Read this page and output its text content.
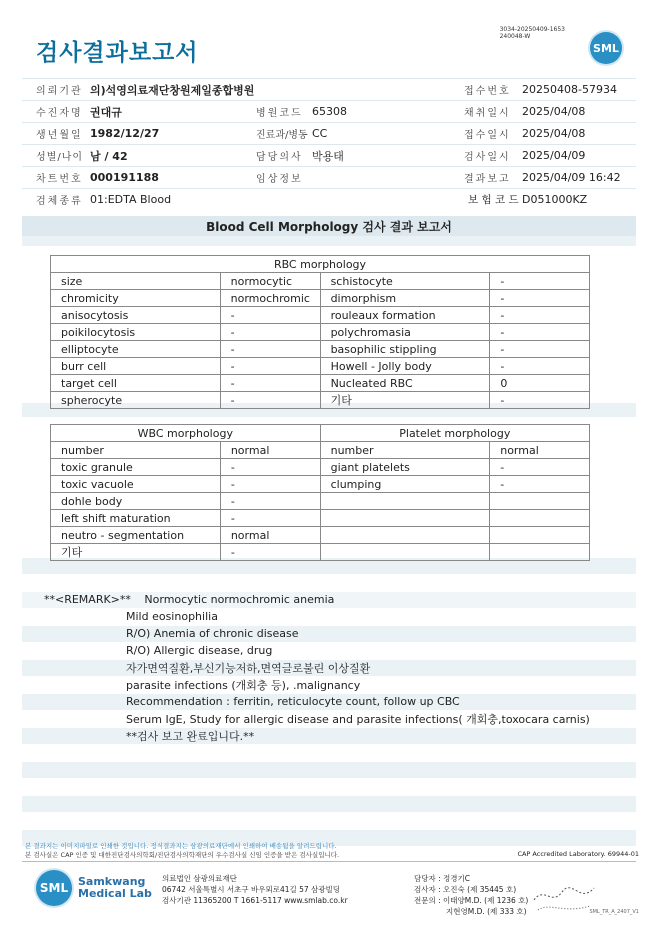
3034-20250409-1653
240048-W
검사결과보고서	SML
의뢰기관 의)석영의료재단창원제일종합병원	접수번호 20250408-57934
수진자명 권대규	병원코드 65308	채취일시 2025/04/08
생년월일 1982/12/27	진료과/병동 CC	접수일시 2025/04/08
성별/나이 남 / 42	담당의사 박용태	검사일시 2025/04/09
차트번호 000191188	임상정보	결과보고 2025/04/09 16:42
검체종류 01:EDTA Blood	보 험 코 드 D051000KZ
Blood Cell Morphology 검사 결과 보고서
RBC morphology			
size	normocytic	schistocyte	-
chromicity	normochromic	dimorphism	-
anisocytosis	-	rouleaux formation	-
poikilocytosis	-	polychromasia	-
elliptocyte	-	basophilic stippling	-
burr cell	-	Howell - Jolly body	-
target cell	-	Nucleated RBC	0
spherocyte	-	기타	-
WBC morphology		Platelet morphology	
number	normal	number	normal
toxic granule	-	giant platelets	-
toxic vacuole	-	clumping	-
dohle body	-		
left shift maturation	-		
neutro - segmentation	normal		
기타	-		
**<REMARK>** Normocytic normochromic anemia
Mild eosinophilia
R/O) Anemia of chronic disease
R/O) Allergic disease, drug
자가면역질환,부신기능저하,면역글로불린 이상질환
parasite infections (개회충 등), .malignancy
Recommendation : ferritin, reticulocyte count, follow up CBC
Serum IgE, Study for allergic disease and parasite infections( 개회충,toxocara carnis)
**검사 보고 완료입니다.**
본 결과지는 이미지파일로 인쇄한 것입니다. 정식결과지는 삼광의료재단에서 인쇄하여 배송됨을 알려드립니다.
본 검사실은 CAP 인증 및 대한진단검사의학회/진단검사의학재단의 우수검사실 신임 인증을 받은 검사실입니다.	CAP Accredited Laboratory. 69944-01
SML Samkwang
Medical Lab
의료법인 삼광의료재단
06742 서울특별시 서초구 바우뫼로41길 57 삼광빌딩
검사기관 11365200 T 1661-5117 www.smlab.co.kr
담당자 : 정경기C
검사자 : 오진숙 (제 35445 호)
전문의 : 이태양M.D. (제 1236 호)
지현영M.D. (제 333 호)	SML_TR_A_2407_V1
